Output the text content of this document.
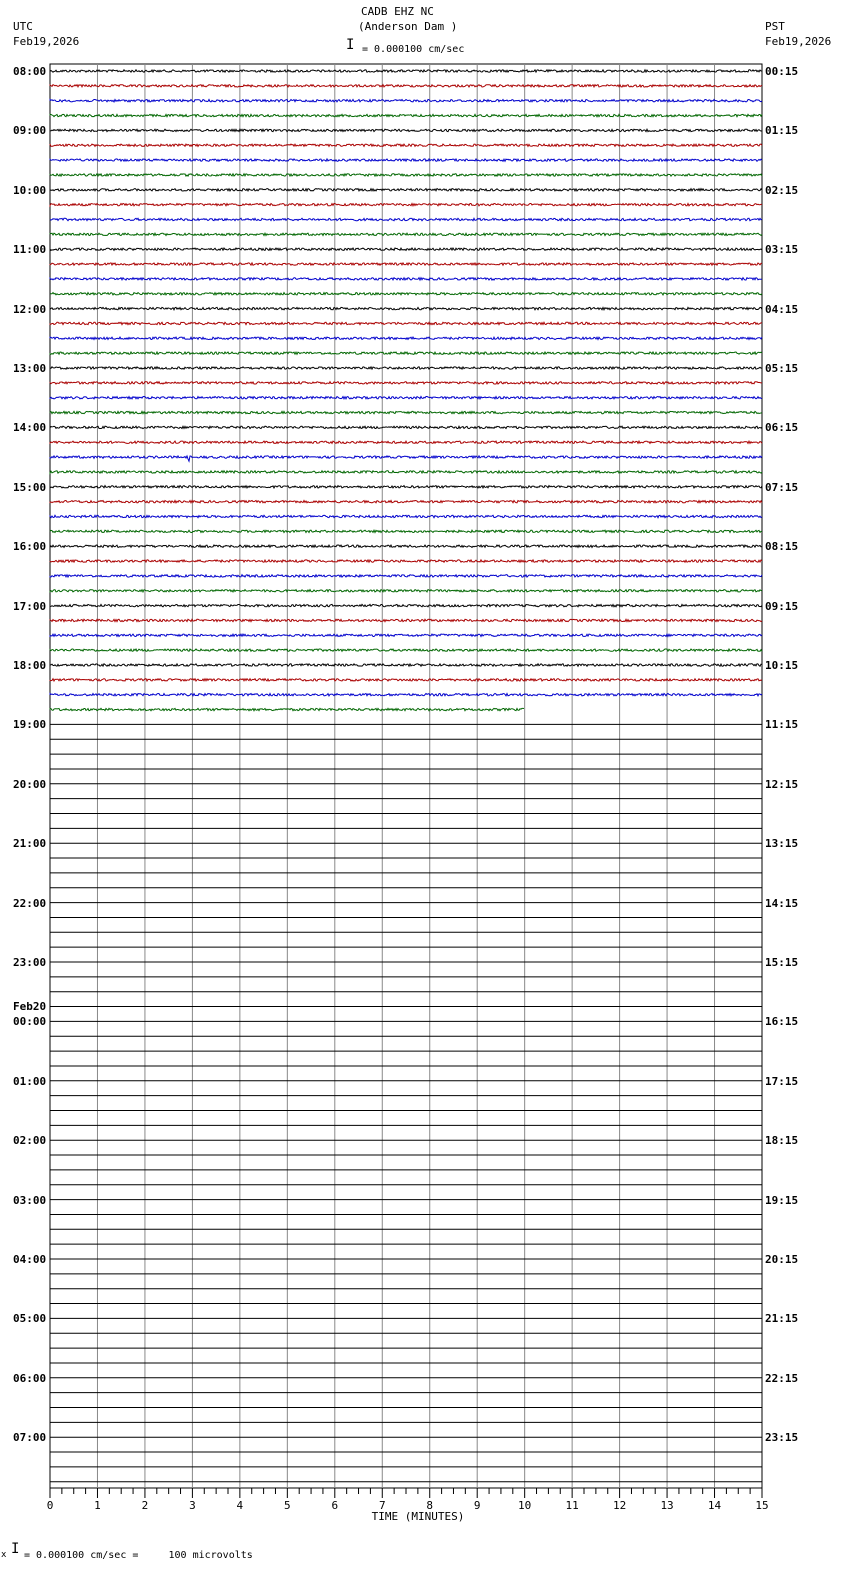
0	1	2	3	4	5	6	7	8	9	10	11	12	13	14	15
TIME (MINUTES)
CADB EHZ NC
(Anderson Dam )
I = 0.000100 cm/sec
UTC
Feb19,2026
PST
Feb19,2026
x I = 0.000100 cm/sec =     100 microvolts
08:00
09:00
10:00
11:00
12:00
13:00
14:00
15:00
16:00
17:00
18:00
19:00
20:00
21:00
22:00
23:00
00:00
Feb20
01:00
02:00
03:00
04:00
05:00
06:00
07:00
00:15
01:15
02:15
03:15
04:15
05:15
06:15
07:15
08:15
09:15
10:15
11:15
12:15
13:15
14:15
15:15
16:15
17:15
18:15
19:15
20:15
21:15
22:15
23:15
